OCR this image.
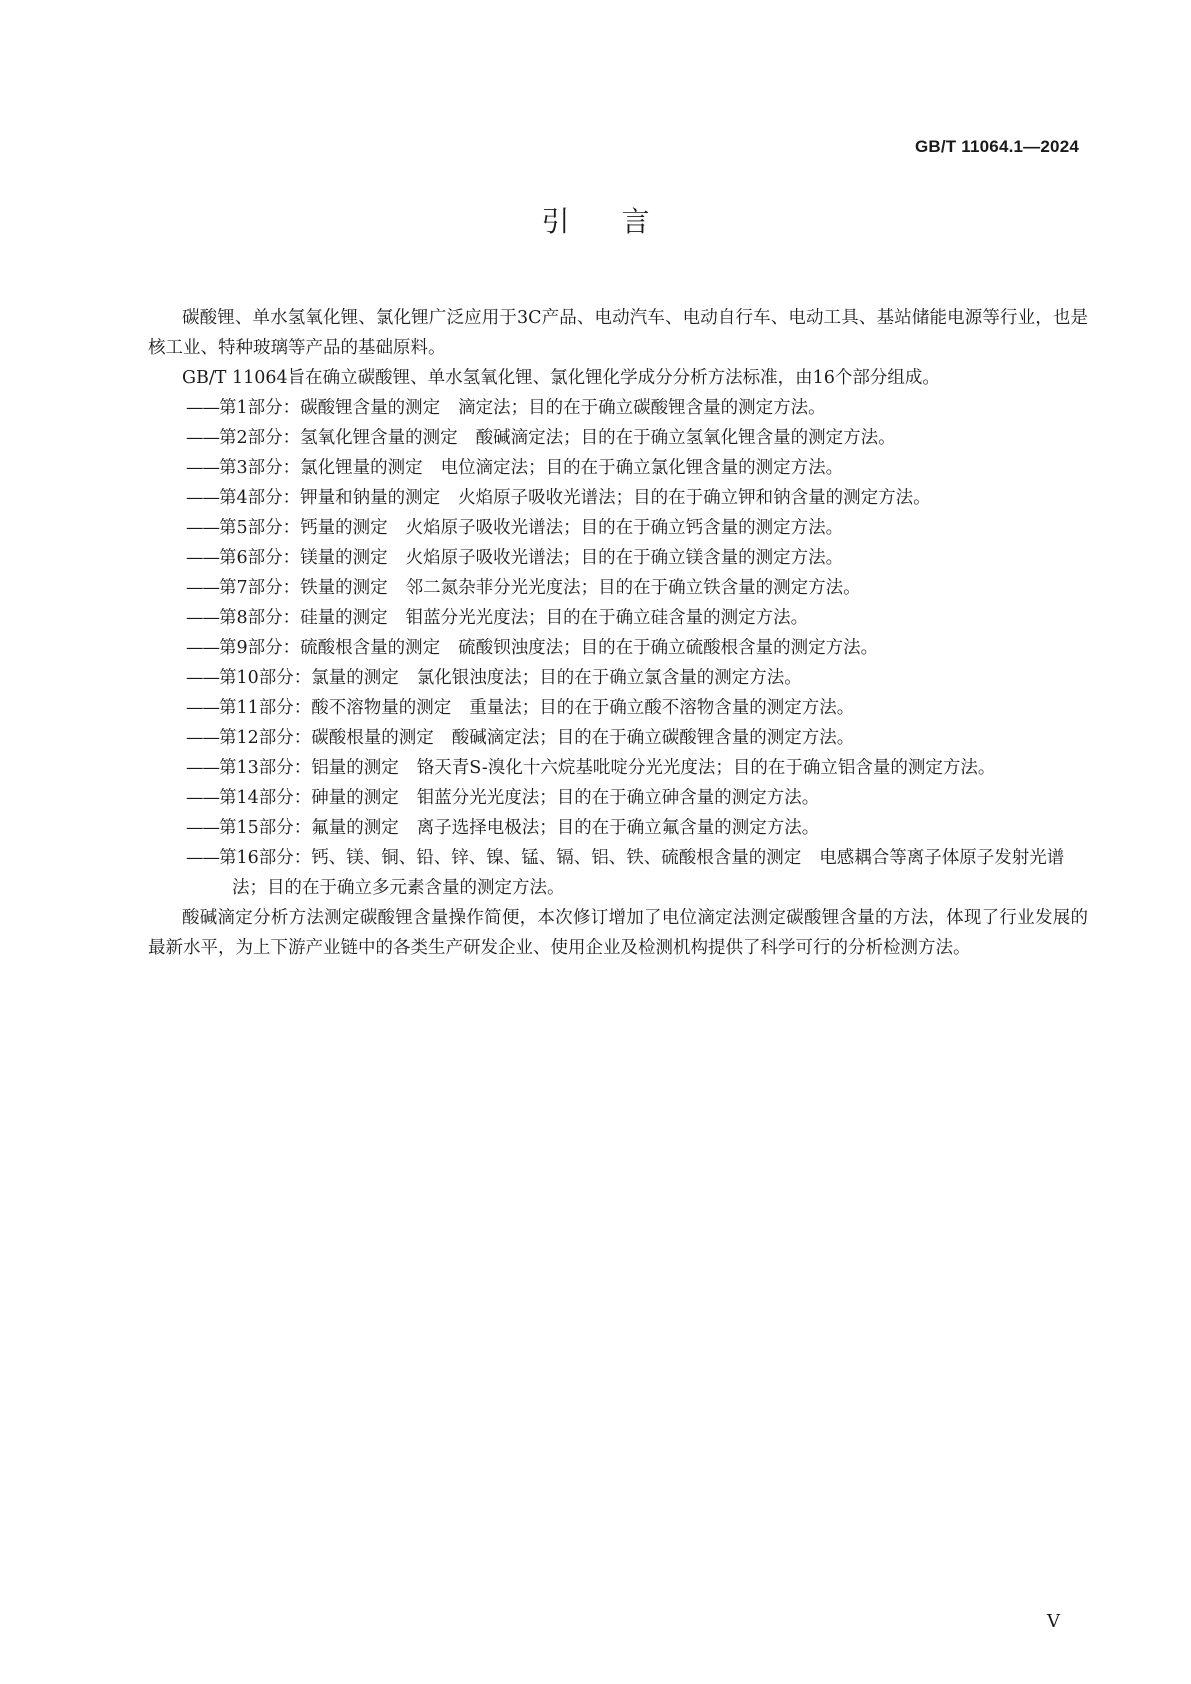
GB/T 11064.1—2024
引言

碳酸锂、单水氢氧化锂、氯化锂广泛应用于3C产品、电动汽车、电动自行车、电动工具、基站储能电源等行业，也是核工业、特种玻璃等产品的基础原料。

GB/T 11064旨在确立碳酸锂、单水氢氧化锂、氯化锂化学成分分析方法标准，由16个部分组成。

——第1部分：碳酸锂含量的测定 滴定法；目的在于确立碳酸锂含量的测定方法。
——第2部分：氢氧化锂含量的测定 酸碱滴定法；目的在于确立氢氧化锂含量的测定方法。
——第3部分：氯化锂量的测定 电位滴定法；目的在于确立氯化锂含量的测定方法。
——第4部分：钾量和钠量的测定 火焰原子吸收光谱法；目的在于确立钾和钠含量的测定方法。
——第5部分：钙量的测定 火焰原子吸收光谱法；目的在于确立钙含量的测定方法。
——第6部分：镁量的测定 火焰原子吸收光谱法；目的在于确立镁含量的测定方法。
——第7部分：铁量的测定 邻二氮杂菲分光光度法；目的在于确立铁含量的测定方法。
——第8部分：硅量的测定 钼蓝分光光度法；目的在于确立硅含量的测定方法。
——第9部分：硫酸根含量的测定 硫酸钡浊度法；目的在于确立硫酸根含量的测定方法。
——第10部分：氯量的测定 氯化银浊度法；目的在于确立氯含量的测定方法。
——第11部分：酸不溶物量的测定 重量法；目的在于确立酸不溶物含量的测定方法。
——第12部分：碳酸根量的测定 酸碱滴定法；目的在于确立碳酸锂含量的测定方法。
——第13部分：铝量的测定 铬天青S-溴化十六烷基吡啶分光光度法；目的在于确立铝含量的测定方法。
——第14部分：砷量的测定 钼蓝分光光度法；目的在于确立砷含量的测定方法。
——第15部分：氟量的测定 离子选择电极法；目的在于确立氟含量的测定方法。
——第16部分：钙、镁、铜、铅、锌、镍、锰、镉、铝、铁、硫酸根含量的测定 电感耦合等离子体原子发射光谱法；目的在于确立多元素含量的测定方法。

酸碱滴定分析方法测定碳酸锂含量操作简便，本次修订增加了电位滴定法测定碳酸锂含量的方法，体现了行业发展的最新水平，为上下游产业链中的各类生产研发企业、使用企业及检测机构提供了科学可行的分析检测方法。

V
